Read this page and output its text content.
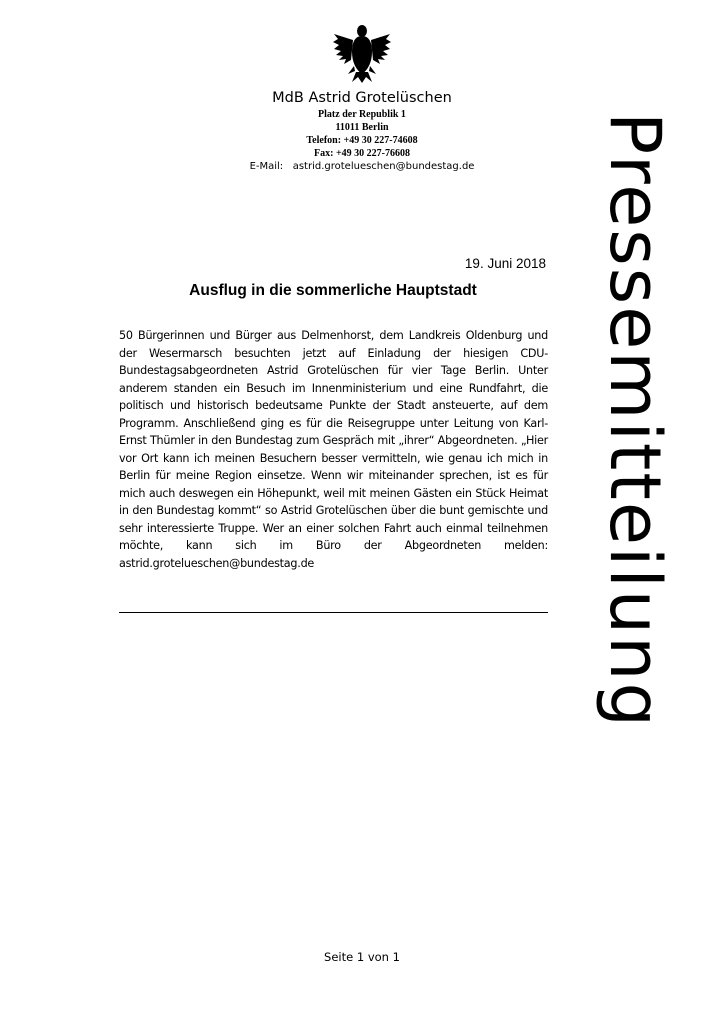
MdB Astrid Grotelüschen
Platz der Republik 1
11011 Berlin
Telefon: +49 30 227-74608
Fax: +49 30 227-76608
E-Mail: astrid.grotelueschen@bundestag.de
19. Juni 2018
Ausflug in die sommerliche Hauptstadt
50 Bürgerinnen und Bürger aus Delmenhorst, dem Landkreis Oldenburg und der Wesermarsch besuchten jetzt auf Einladung der hiesigen CDU-Bundestagsabgeordneten Astrid Grotelüschen für vier Tage Berlin. Unter anderem standen ein Besuch im Innenministerium und eine Rundfahrt, die politisch und historisch bedeutsame Punkte der Stadt ansteuerte, auf dem Programm. Anschließend ging es für die Reisegruppe unter Leitung von Karl-Ernst Thümler in den Bundestag zum Gespräch mit „ihrer“ Abgeordneten. „Hier vor Ort kann ich meinen Besuchern besser vermitteln, wie genau ich mich in Berlin für meine Region einsetze. Wenn wir miteinander sprechen, ist es für mich auch deswegen ein Höhepunkt, weil mit meinen Gästen ein Stück Heimat in den Bundestag kommt“ so Astrid Grotelüschen über die bunt gemischte und sehr interessierte Truppe. Wer an einer solchen Fahrt auch einmal teilnehmen möchte, kann sich im Büro der Abgeordneten melden: astrid.grotelueschen@bundestag.de	Pressemitteilung
Seite 1 von 1
